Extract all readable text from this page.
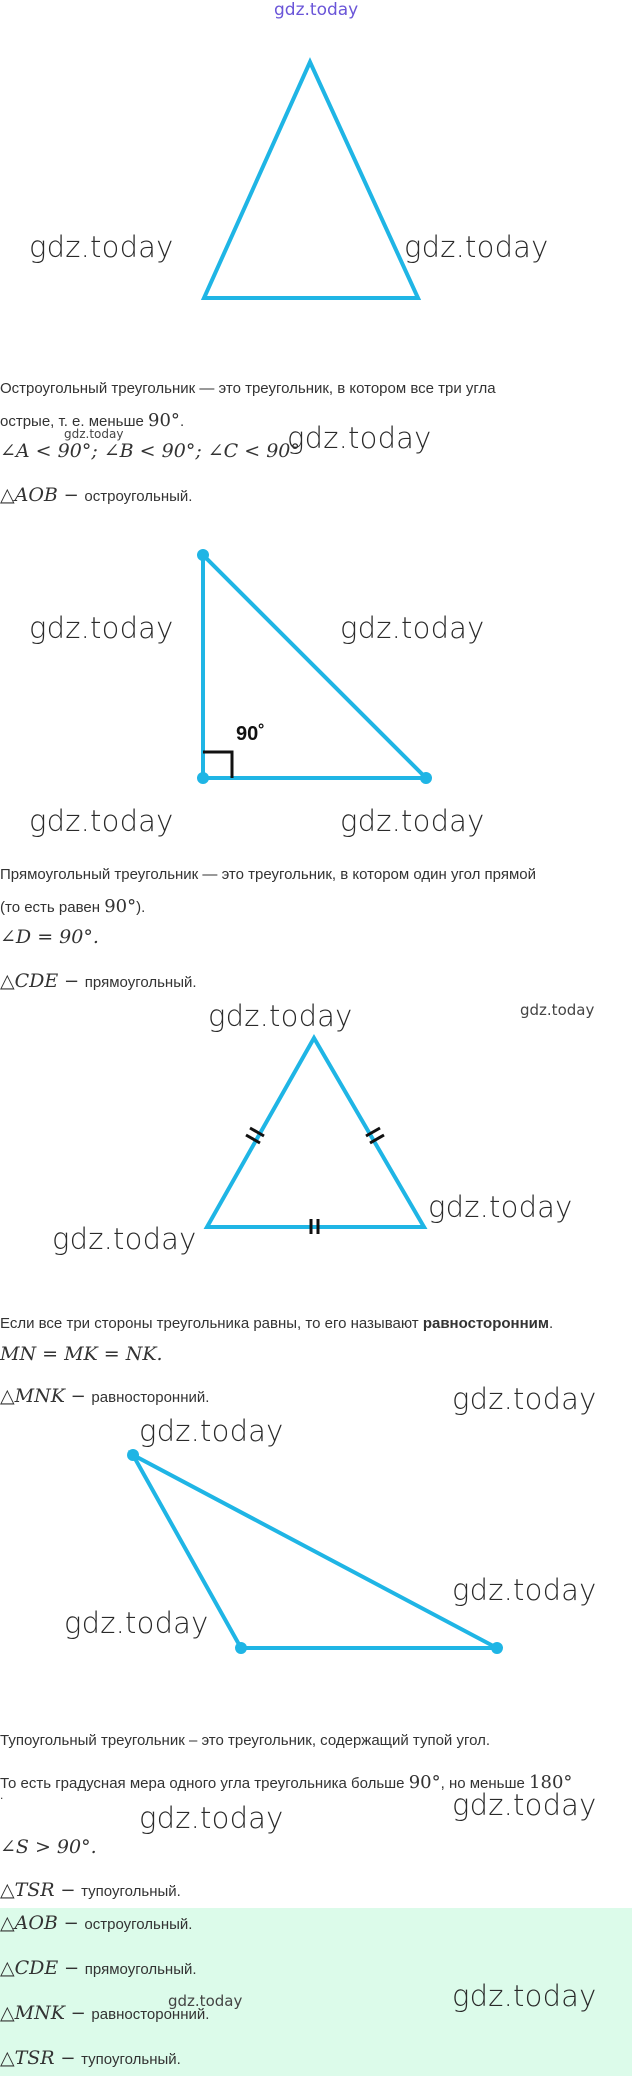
gdz.today
gdz.today	gdz.today
Остроугольный треугольник — это треугольник, в котором все три угла
острые, т. е. меньше 90°.
gdz.today
∠A < 90°; ∠B < 90°; ∠C < 90°
gdz.today
△AOB − остроугольный.
90˚
gdz.today	gdz.today
gdz.today	gdz.today
Прямоугольный треугольник — это треугольник, в котором один угол прямой
(то есть равен 90°).
∠D = 90°.
△CDE − прямоугольный.
gdz.today	gdz.today
gdz.today
gdz.today
Если все три стороны треугольника равны, то его называют равносторонним.
MN = MK = NK.
△MNK − равносторонний.	gdz.today
gdz.today
gdz.today
gdz.today
Тупоугольный треугольник – это треугольник, содержащий тупой угол.
То есть градусная мера одного угла треугольника больше 90°, но меньше 180°
.	gdz.today
gdz.today
∠S > 90°.
△TSR − тупоугольный.
△AOB − остроугольный.
△CDE − прямоугольный.
△MNK − равносторонний.
△TSR − тупоугольный.
gdz.today	gdz.today
